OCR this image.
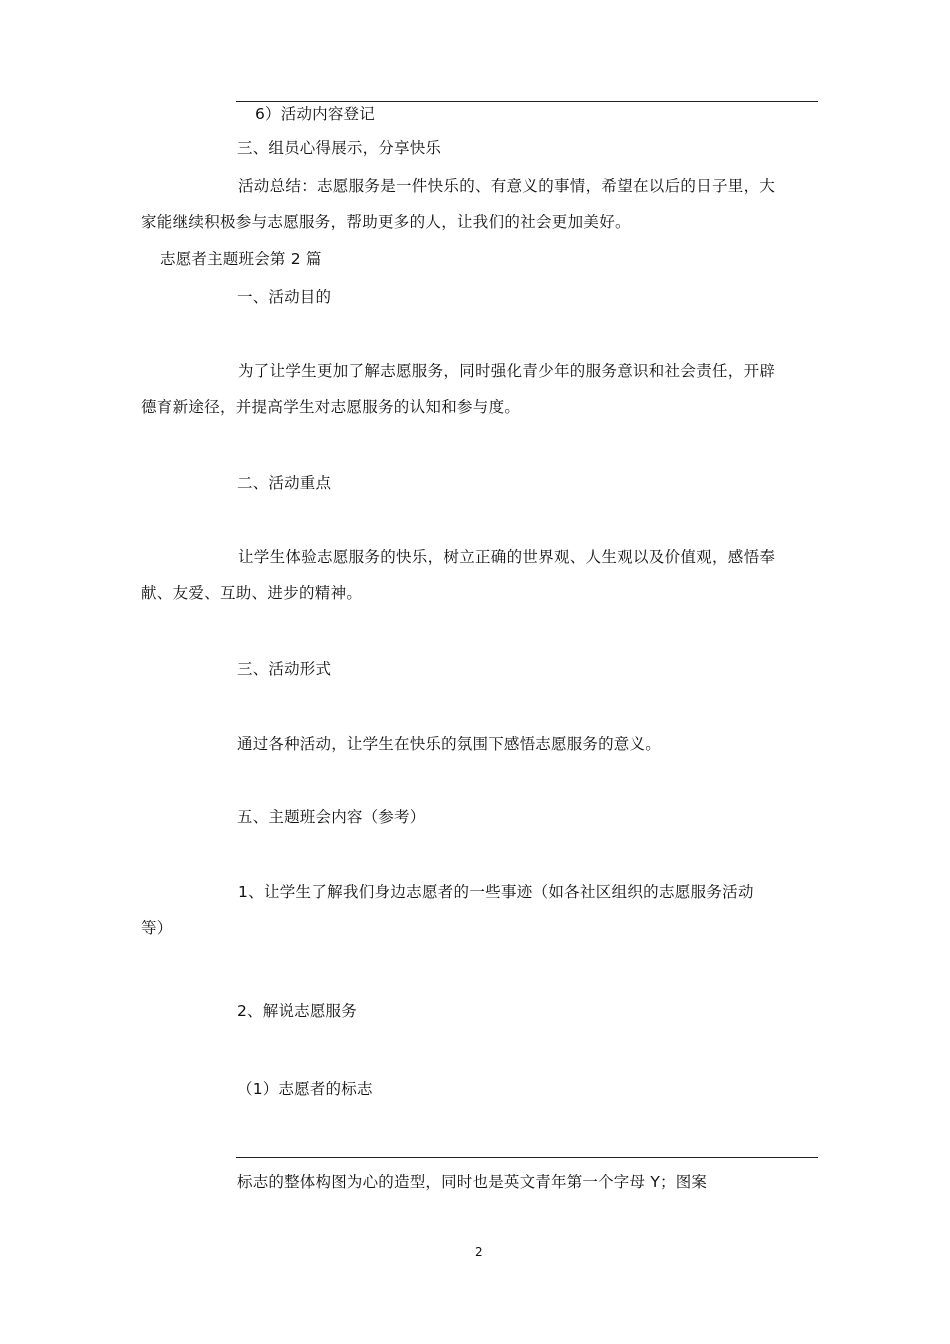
6）活动内容登记
三、组员心得展示，分享快乐
活动总结：志愿服务是一件快乐的、有意义的事情，希望在以后的日子里，大
家能继续积极参与志愿服务，帮助更多的人，让我们的社会更加美好。
志愿者主题班会第 2 篇
一、活动目的
为了让学生更加了解志愿服务，同时强化青少年的服务意识和社会责任，开辟
德育新途径，并提高学生对志愿服务的认知和参与度。
二、活动重点
让学生体验志愿服务的快乐，树立正确的世界观、人生观以及价值观，感悟奉
献、友爱、互助、进步的精神。
三、活动形式
通过各种活动，让学生在快乐的氛围下感悟志愿服务的意义。
五、主题班会内容（参考）
1、让学生了解我们身边志愿者的一些事迹（如各社区组织的志愿服务活动
等）
2、解说志愿服务
（1）志愿者的标志
标志的整体构图为心的造型，同时也是英文青年第一个字母 Y；图案
2
